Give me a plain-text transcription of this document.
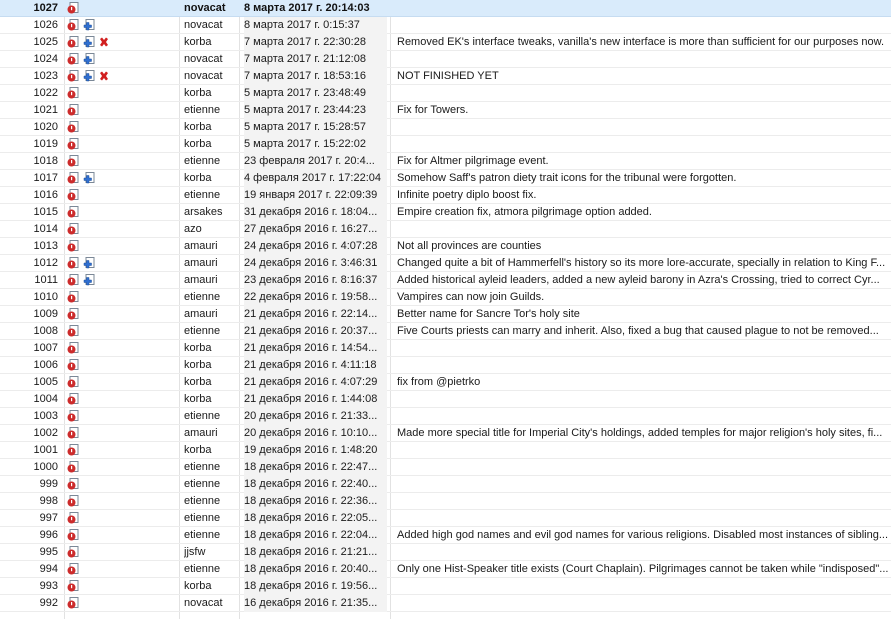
1027	novacat	8 марта 2017 г. 20:14:03
1026	novacat	8 марта 2017 г. 0:15:37
1025	korba	7 марта 2017 г. 22:30:28	Removed EK's interface tweaks, vanilla's new interface is more than sufficient for our purposes now.
1024	novacat	7 марта 2017 г. 21:12:08
1023	novacat	7 марта 2017 г. 18:53:16	NOT FINISHED YET
1022	korba	5 марта 2017 г. 23:48:49
1021	etienne	5 марта 2017 г. 23:44:23	Fix for Towers.
1020	korba	5 марта 2017 г. 15:28:57
1019	korba	5 марта 2017 г. 15:22:02
1018	etienne	23 февраля 2017 г. 20:4...	Fix for Altmer pilgrimage event.
1017	korba	4 февраля 2017 г. 17:22:04	Somehow Saff's patron diety trait icons for the tribunal were forgotten.
1016	etienne	19 января 2017 г. 22:09:39	Infinite poetry diplo boost fix.
1015	arsakes	31 декабря 2016 г. 18:04...	Empire creation fix, atmora pilgrimage option added.
1014	azo	27 декабря 2016 г. 16:27...
1013	amauri	24 декабря 2016 г. 4:07:28	Not all provinces are counties
1012	amauri	24 декабря 2016 г. 3:46:31	Changed quite a bit of Hammerfell's history so its more lore-accurate, specially in relation to King F...
1011	amauri	23 декабря 2016 г. 8:16:37	Added historical ayleid leaders, added a new ayleid barony in Azra's Crossing, tried to correct Cyr...
1010	etienne	22 декабря 2016 г. 19:58...	Vampires can now join Guilds.
1009	amauri	21 декабря 2016 г. 22:14...	Better name for Sancre Tor's holy site
1008	etienne	21 декабря 2016 г. 20:37...	Five Courts priests can marry and inherit. Also, fixed a bug that caused plague to not be removed...
1007	korba	21 декабря 2016 г. 14:54...
1006	korba	21 декабря 2016 г. 4:11:18
1005	korba	21 декабря 2016 г. 4:07:29	fix from @pietrko
1004	korba	21 декабря 2016 г. 1:44:08
1003	etienne	20 декабря 2016 г. 21:33...
1002	amauri	20 декабря 2016 г. 10:10...	Made more special title for Imperial City's holdings, added temples for major religion's holy sites, fi...
1001	korba	19 декабря 2016 г. 1:48:20
1000	etienne	18 декабря 2016 г. 22:47...
999	etienne	18 декабря 2016 г. 22:40...
998	etienne	18 декабря 2016 г. 22:36...
997	etienne	18 декабря 2016 г. 22:05...
996	etienne	18 декабря 2016 г. 22:04...	Added high god names and evil god names for various religions. Disabled most instances of sibling...
995	jjsfw	18 декабря 2016 г. 21:21...
994	etienne	18 декабря 2016 г. 20:40...	Only one Hist-Speaker title exists (Court Chaplain). Pilgrimages cannot be taken while "indisposed"...
993	korba	18 декабря 2016 г. 19:56...
992	novacat	16 декабря 2016 г. 21:35...
